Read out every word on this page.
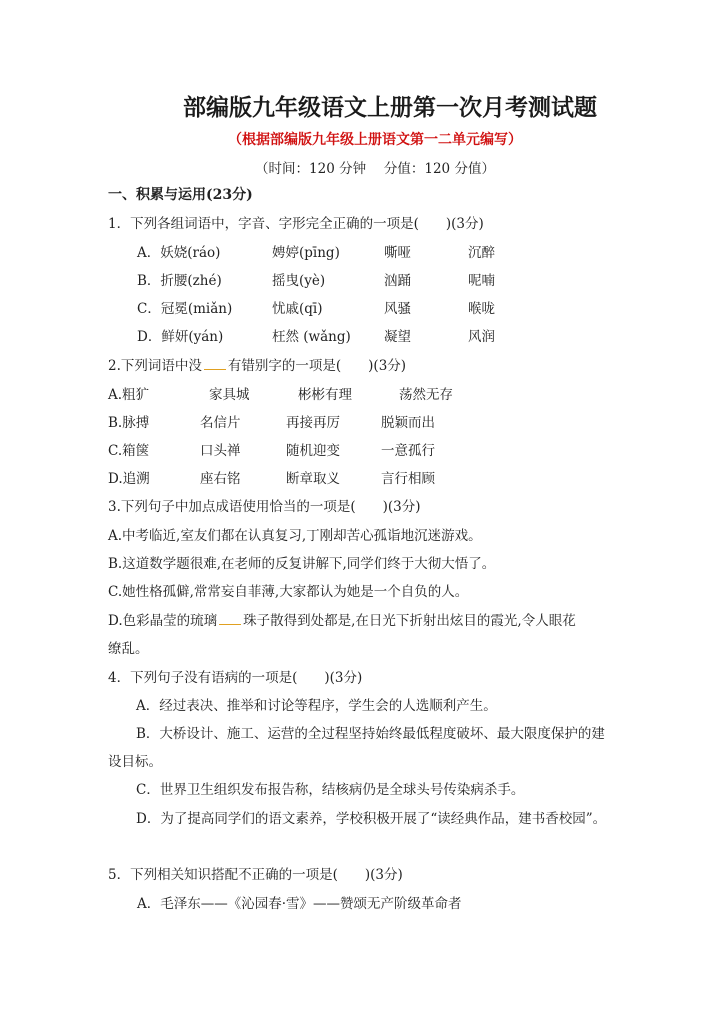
部编版九年级语文上册第一次月考测试题
（根据部编版九年级上册语文第一二单元编写）
（时间：120 分钟　 分值：120 分值）
一、积累与运用(23分)
1．下列各组词语中，字音、字形完全正确的一项是(　　)(3分)
A．妖娆(ráo)	娉婷(pīng)	嘶哑	沉醉
B．折腰(zhé)	摇曳(yè)	汹踊	呢喃
C．冠冕(miǎn)	忧戚(qī)	风骚	喉咙
D．鲜妍(yán)	枉然 (wǎng) 凝望	风润
2.下列词语中没 有错别字的一项是(　　)(3分)
A.粗犷	家具城	彬彬有理	荡然无存
B.脉搏	名信片	再接再厉	脱颖而出
C.箱箧	口头禅	随机迎变	一意孤行
D.追溯	座右铭	断章取义	言行相顾
3.下列句子中加点成语使用恰当的一项是(　　)(3分)
A.中考临近,室友们都在认真复习,丁刚却苦心孤诣地沉迷游戏。
B.这道数学题很难,在老师的反复讲解下,同学们终于大彻大悟了。
C.她性格孤僻,常常妄自菲薄,大家都认为她是一个自负的人。
D.色彩晶莹的琉璃 珠子散得到处都是,在日光下折射出炫目的霞光,令人眼花
缭乱。
4．下列句子没有语病的一项是(　　)(3分)
A．经过表决、推举和讨论等程序，学生会的人选顺利产生。
B．大桥设计、施工、运营的全过程坚持始终最低程度破坏、最大限度保护的建设目标。
C．世界卫生组织发布报告称，结核病仍是全球头号传染病杀手。
D．为了提高同学们的语文素养，学校积极开展了“读经典作品，建书香校园”。
5．下列相关知识搭配不正确的一项是(　　)(3分)
A．毛泽东——《沁园春·雪》——赞颂无产阶级革命者
